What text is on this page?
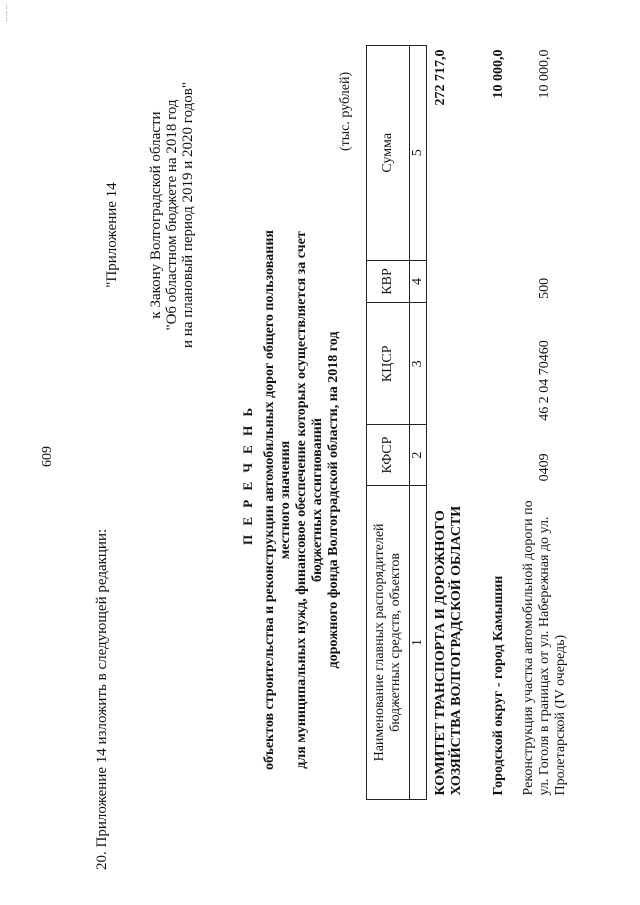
---- --
609
20. Приложение 14 изложить в следующей редакции:
"Приложение 14 к Закону Волгоградской области "Об областном бюджете на 2018 год и на плановый период 2019 и 2020 годов"
П Е Р Е Ч Е Н Ь объектов строительства и реконструкции автомобильных дорог общего пользования местного значения для муниципальных нужд, финансовое обеспечение которых осуществляется за счет бюджетных ассигнований дорожного фонда Волгоградской области, на 2018 год
(тыс. рублей)
Наименование главных распорядителей бюджетных средств, объектов	КФСР	КЦСР	КВР	Сумма
1	2	3	4	5
КОМИТЕТ ТРАНСПОРТА И ДОРОЖНОГО ХОЗЯЙСТВА ВОЛГОГРАДСКОЙ ОБЛАСТИ				272 717,0
Городской округ - город Камышин				10 000,0
Реконструкция участка автомобильной дороги по ул. Гоголя в границах от ул. Набережная до ул. Пролетарской (IV очередь)	0409	46 2 04 70460	500	10 000,0
